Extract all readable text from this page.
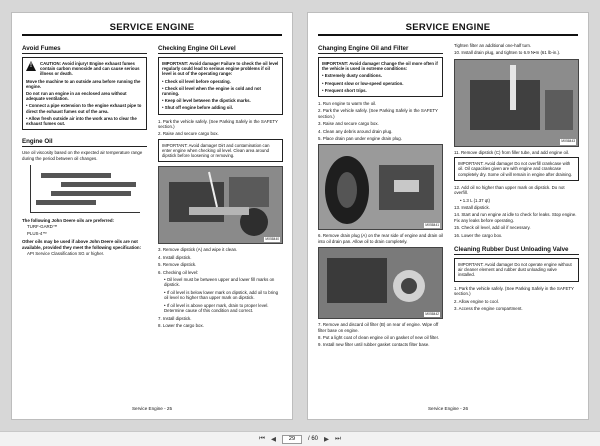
SERVICE ENGINE
Avoid Fumes
!
CAUTION: Avoid injury! Engine exhaust fumes contain carbon monoxide and can cause serious illness or death.
Move the machine to an outside area before running the engine.
Do not run an engine in an enclosed area without adequate ventilation.
• Connect a pipe extension to the engine exhaust pipe to direct the exhaust fumes out of the area.
• Allow fresh outside air into the work area to clear the exhaust fumes out.
Engine Oil
Use oil viscosity based on the expected air temperature range during the period between oil changes.
The following John Deere oils are preferred:
TURF-GARD™
PLUS-4™
Other oils may be used if above John Deere oils are not available, provided they meet the following specification:
API Service Classification SG or higher.
Checking Engine Oil Level
IMPORTANT: Avoid damage! Failure to check the oil level regularly could lead to serious engine problems if oil level is out of the operating range:
• Check oil level before operating.
• Check oil level when the engine is cold and not running.
• Keep oil level between the dipstick marks.
• Shut off engine before adding oil.
1. Park the vehicle safely. (See Parking Safely in the SAFETY section.)
2. Raise and secure cargo box.
IMPORTANT: Avoid damage! Dirt and contamination can enter engine when checking oil level. Clean area around dipstick before loosening or removing.
MX58440
3. Remove dipstick (A) and wipe it clean.
4. Install dipstick.
5. Remove dipstick.
6. Checking oil level:
• Oil level must be between upper and lower fill marks on dipstick.
• If oil level is below lower mark on dipstick, add oil to bring oil level no higher than upper mark on dipstick.
• If oil level is above upper mark, drain to proper level. Determine cause of this condition and correct.
7. Install dipstick.
8. Lower the cargo box.
Service Engine - 25
SERVICE ENGINE
Changing Engine Oil and Filter
IMPORTANT: Avoid damage! Change the oil more often if the vehicle is used in extreme conditions:
• Extremely dusty conditions.
• Frequent slow or low-speed operation.
• Frequent short trips.
1. Run engine to warm the oil.
2. Park the vehicle safely. (See Parking Safely in the SAFETY section.)
3. Raise and secure cargo box.
4. Clean any debris around drain plug.
5. Place drain pan under engine drain plug.
MX58441
6. Remove drain plug (A) on the rear side of engine and drain oil into oil drain pan. Allow oil to drain completely.
MX58442
7. Remove and discard oil filter (B) on rear of engine. Wipe off filter base on engine.
8. Put a light coat of clean engine oil on gasket of new oil filter.
9. Install new filter until rubber gasket contacts filter base.
Tighten filter an additional one-half turn.
10. Install drain plug, and tighten to 6.9 N•m (61 lb-in.).
MX58443
11. Remove dipstick (C) from filler tube, and add engine oil.
IMPORTANT: Avoid damage! Do not overfill crankcase with oil. Oil capacities given are with engine and crankcase completely dry. Some oil will remain in engine after draining.
12. Add oil no higher than upper mark on dipstick. Do not overfill.
• 1.3 L (1.37 qt)
13. Install dipstick.
14. Start and run engine at idle to check for leaks. Stop engine. Fix any leaks before operating.
15. Check oil level, add oil if necessary.
16. Lower the cargo box.
Cleaning Rubber Dust Unloading Valve
IMPORTANT: Avoid damage! Do not operate engine without air cleaner element and rubber dust unloading valve installed.
1. Park the vehicle safely. (See Parking Safely in the SAFETY section.)
2. Allow engine to cool.
3. Access the engine compartment.
Service Engine - 26
⏮ ◀
29	/ 60 ▶ ⏭
